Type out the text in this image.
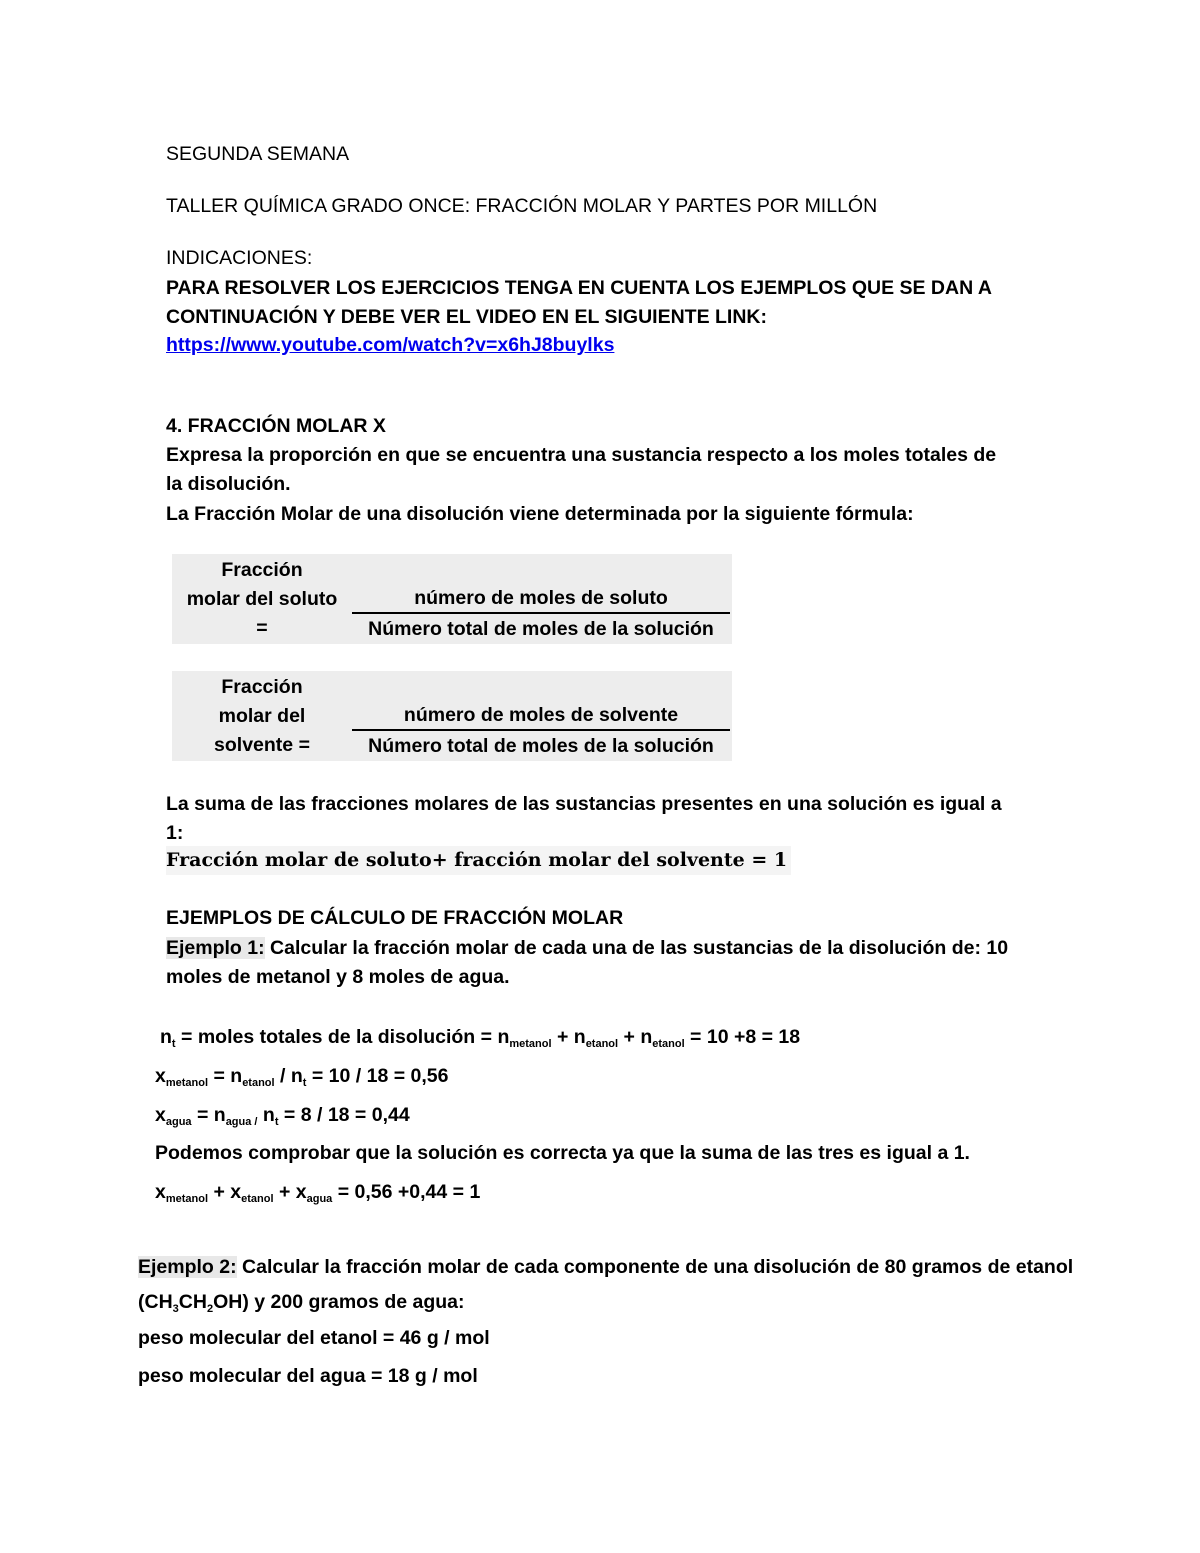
SEGUNDA SEMANA
TALLER QUÍMICA GRADO ONCE: FRACCIÓN MOLAR Y PARTES POR MILLÓN
INDICACIONES:
PARA RESOLVER LOS EJERCICIOS TENGA EN CUENTA LOS EJEMPLOS QUE SE DAN A
CONTINUACIÓN Y DEBE VER EL VIDEO EN EL SIGUIENTE LINK:
https://www.youtube.com/watch?v=x6hJ8buylks
4. FRACCIÓN MOLAR X
Expresa la proporción en que se encuentra una sustancia respecto a los moles totales de
la disolución.
La Fracción Molar de una disolución viene determinada por la siguiente fórmula:
Fracción
molar del soluto
=
número de moles de soluto
Número total de moles de la solución
Fracción
molar del
solvente =
número de moles de solvente
Número total de moles de la solución
La suma de las fracciones molares de las sustancias presentes en una solución es igual a
1:
Fracción molar de soluto+ fracción molar del solvente = 1
EJEMPLOS DE CÁLCULO DE FRACCIÓN MOLAR
Ejemplo 1: Calcular la fracción molar de cada una de las sustancias de la disolución de: 10
moles de metanol y 8 moles de agua.
$n_t$ = moles totales de la disolución = $n_{metanol} + n_{etanol} + n_{etanol} = 10 +8 = 18$
$x_{metanol} = n_{etanol} / n_t = 10 / 18 = 0,56$
$x_{agua} = n_{agua /}$ $n_t = 8 / 18 = 0,44$
Podemos comprobar que la solución es correcta ya que la suma de las tres es igual a 1.
$x_{metanol} + x_{etanol} + x_{agua} = 0,56 +0,44 = 1$
Ejemplo 2: Calcular la fracción molar de cada componente de una disolución de 80 gramos de etanol
$(CH_3CH_2OH)$ y 200 gramos de agua:
peso molecular del etanol = 46 g / mol
peso molecular del agua = 18 g / mol
